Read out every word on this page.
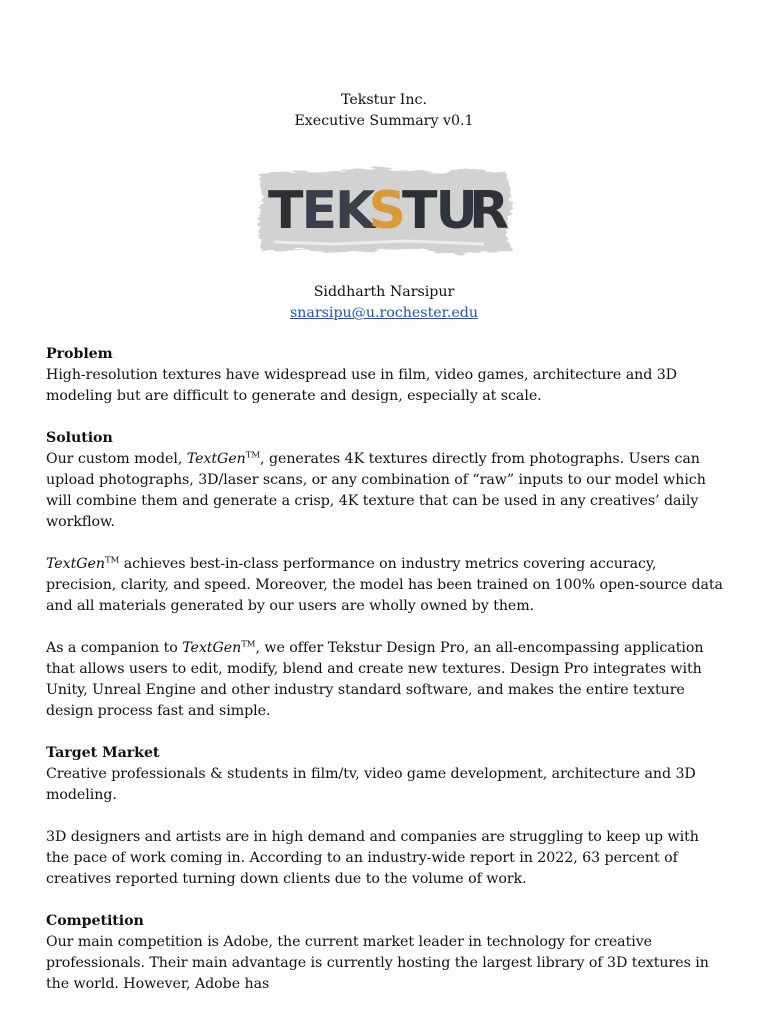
Tekstur Inc.
Executive Summary v0.1
T
E
K
S
T
U
R
Siddharth Narsipur
snarsipu@u.rochester.edu
Problem

High-resolution textures have widespread use in film, video games, architecture and 3D modeling but are difficult to generate and design, especially at scale.

Solution

Our custom model, TextGen™, generates 4K textures directly from photographs. Users can upload photographs, 3D/laser scans, or any combination of “raw” inputs to our model which will combine them and generate a crisp, 4K texture that can be used in any creatives’ daily workflow.

TextGen™ achieves best-in-class performance on industry metrics covering accuracy, precision, clarity, and speed. Moreover, the model has been trained on 100% open-source data and all materials generated by our users are wholly owned by them.

As a companion to TextGen™, we offer Tekstur Design Pro, an all-encompassing application that allows users to edit, modify, blend and create new textures. Design Pro integrates with Unity, Unreal Engine and other industry standard software, and makes the entire texture design process fast and simple.

Target Market

Creative professionals & students in film/tv, video game development, architecture and 3D modeling.

3D designers and artists are in high demand and companies are struggling to keep up with the pace of work coming in. According to an industry-wide report in 2022, 63 percent of creatives reported turning down clients due to the volume of work.

Competition

Our main competition is Adobe, the current market leader in technology for creative professionals. Their main advantage is currently hosting the largest library of 3D textures in the world. However, Adobe has
